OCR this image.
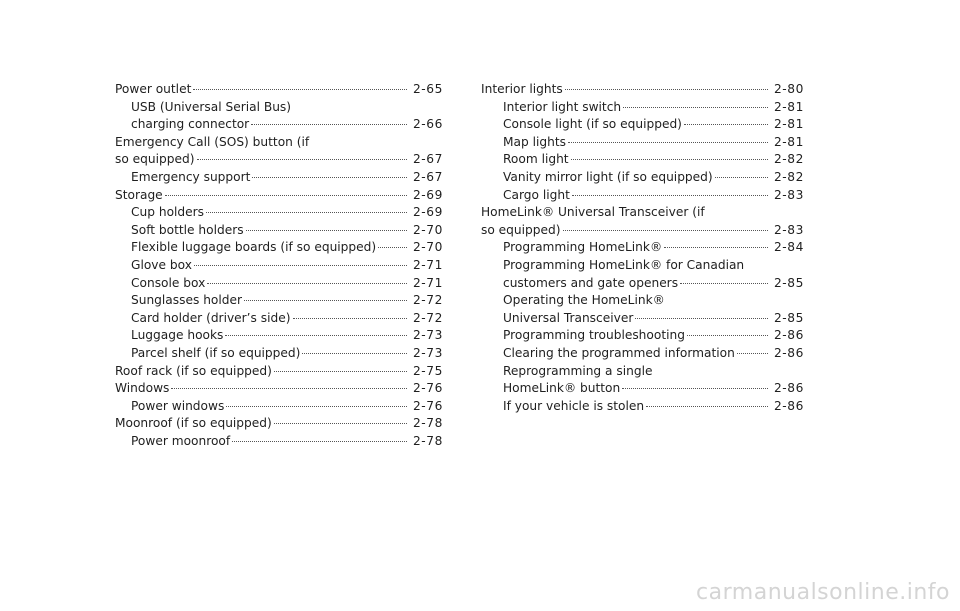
Power outlet	2-65
USB (Universal Serial Bus)
charging connector	2-66
Emergency Call (SOS) button (if
so equipped)	2-67
Emergency support	2-67
Storage	2-69
Cup holders	2-69
Soft bottle holders	2-70
Flexible luggage boards (if so equipped)	2-70
Glove box	2-71
Console box	2-71
Sunglasses holder	2-72
Card holder (driver’s side)	2-72
Luggage hooks	2-73
Parcel shelf (if so equipped)	2-73
Roof rack (if so equipped)	2-75
Windows	2-76
Power windows	2-76
Moonroof (if so equipped)	2-78
Power moonroof	2-78
Interior lights	2-80
Interior light switch	2-81
Console light (if so equipped)	2-81
Map lights	2-81
Room light	2-82
Vanity mirror light (if so equipped)	2-82
Cargo light	2-83
HomeLink® Universal Transceiver (if
so equipped)	2-83
Programming HomeLink®	2-84
Programming HomeLink® for Canadian
customers and gate openers	2-85
Operating the HomeLink®
Universal Transceiver	2-85
Programming troubleshooting	2-86
Clearing the programmed information	2-86
Reprogramming a single
HomeLink® button	2-86
If your vehicle is stolen	2-86
carmanualsonline.info
